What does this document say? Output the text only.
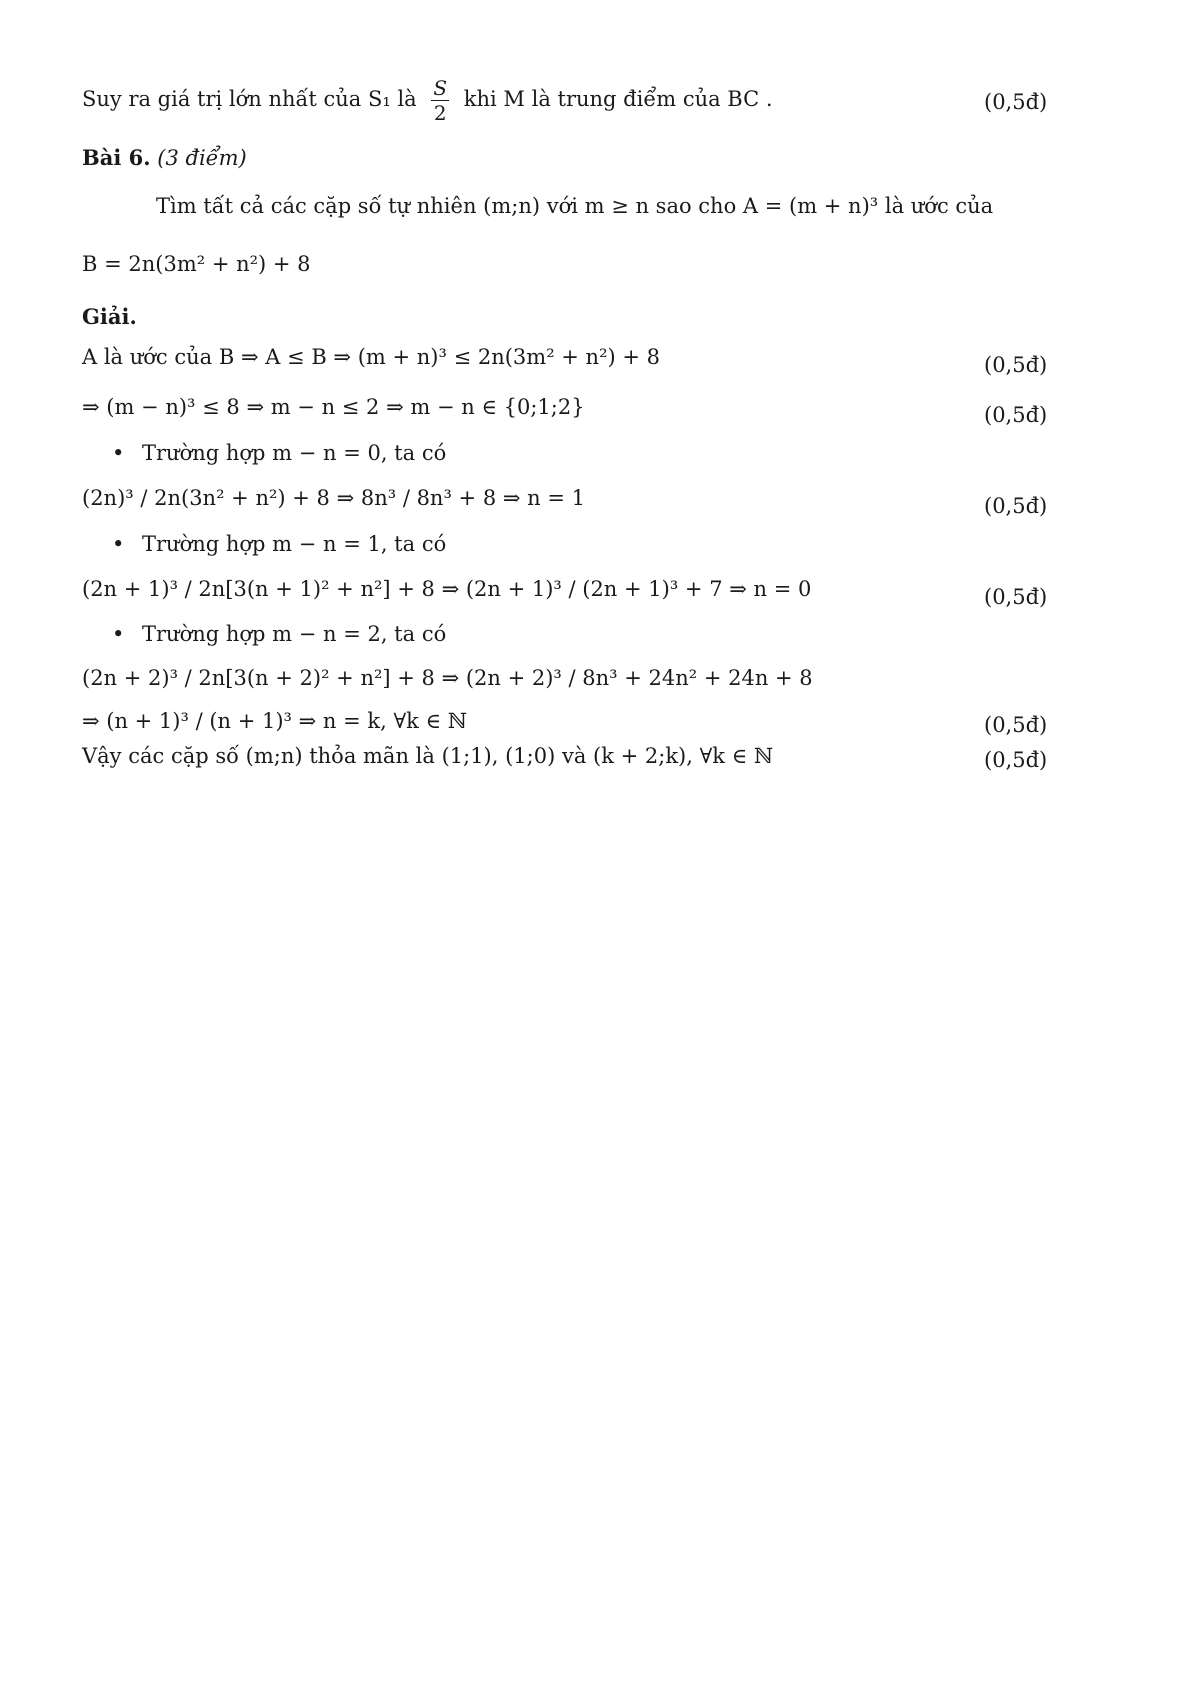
Suy ra giá trị lớn nhất của S₁ là $\frac{S}{2}$ khi M là trung điểm của BC .	(0,5đ)
Bài 6. (3 điểm)
Tìm tất cả các cặp số tự nhiên (m;n) với m ≥ n sao cho A = (m + n)³ là ước của
B = 2n(3m² + n²) + 8
Giải.
A là ước của B ⇒ A ≤ B ⇒ (m + n)³ ≤ 2n(3m² + n²) + 8	(0,5đ)
⇒ (m − n)³ ≤ 8 ⇒ m − n ≤ 2 ⇒ m − n ∈ {0;1;2}	(0,5đ)
• Trường hợp m − n = 0, ta có
(2n)³ / 2n(3n² + n²) + 8 ⇒ 8n³ / 8n³ + 8 ⇒ n = 1	(0,5đ)
• Trường hợp m − n = 1, ta có
(2n + 1)³ / 2n[3(n + 1)² + n²] + 8 ⇒ (2n + 1)³ / (2n + 1)³ + 7 ⇒ n = 0	(0,5đ)
• Trường hợp m − n = 2, ta có
(2n + 2)³ / 2n[3(n + 2)² + n²] + 8 ⇒ (2n + 2)³ / 8n³ + 24n² + 24n + 8
⇒ (n + 1)³ / (n + 1)³ ⇒ n = k, ∀k ∈ ℕ	(0,5đ)
Vậy các cặp số (m;n) thỏa mãn là (1;1), (1;0) và (k + 2;k), ∀k ∈ ℕ	(0,5đ)
